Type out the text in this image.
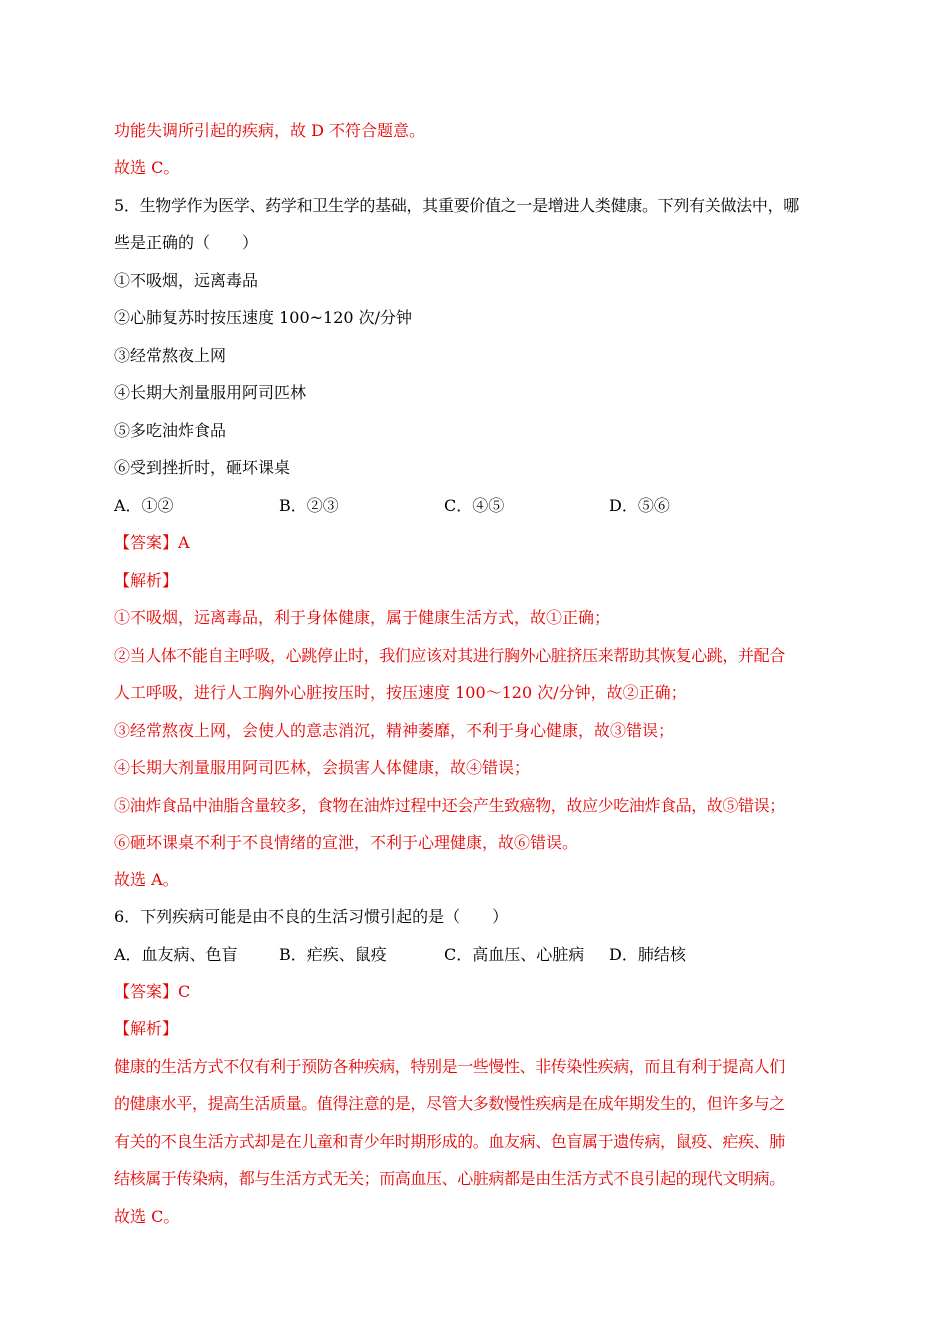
功能失调所引起的疾病，故 D 不符合题意。
故选 C。
5．生物学作为医学、药学和卫生学的基础，其重要价值之一是增进人类健康。下列有关做法中，哪
些是正确的（　　）
①不吸烟，远离毒品
②心肺复苏时按压速度 100~120 次/分钟
③经常熬夜上网
④长期大剂量服用阿司匹林
⑤多吃油炸食品
⑥受到挫折时，砸坏课桌
A．①②	B．②③	C．④⑤	D．⑤⑥
【答案】A
【解析】
①不吸烟，远离毒品，利于身体健康，属于健康生活方式，故①正确；
②当人体不能自主呼吸，心跳停止时，我们应该对其进行胸外心脏挤压来帮助其恢复心跳，并配合
人工呼吸，进行人工胸外心脏按压时，按压速度 100～120 次/分钟，故②正确；
③经常熬夜上网，会使人的意志消沉，精神萎靡，不利于身心健康，故③错误；
④长期大剂量服用阿司匹林，会损害人体健康，故④错误；
⑤油炸食品中油脂含量较多，食物在油炸过程中还会产生致癌物，故应少吃油炸食品，故⑤错误；
⑥砸坏课桌不利于不良情绪的宣泄，不利于心理健康，故⑥错误。
故选 A。
6．下列疾病可能是由不良的生活习惯引起的是（　　）
A．血友病、色盲	B．疟疾、鼠疫	C．高血压、心脏病 D．肺结核
【答案】C
【解析】
健康的生活方式不仅有利于预防各种疾病，特别是一些慢性、非传染性疾病，而且有利于提高人们
的健康水平，提高生活质量。值得注意的是，尽管大多数慢性疾病是在成年期发生的，但许多与之
有关的不良生活方式却是在儿童和青少年时期形成的。血友病、色盲属于遗传病，鼠疫、疟疾、肺
结核属于传染病，都与生活方式无关；而高血压、心脏病都是由生活方式不良引起的现代文明病。
故选 C。
